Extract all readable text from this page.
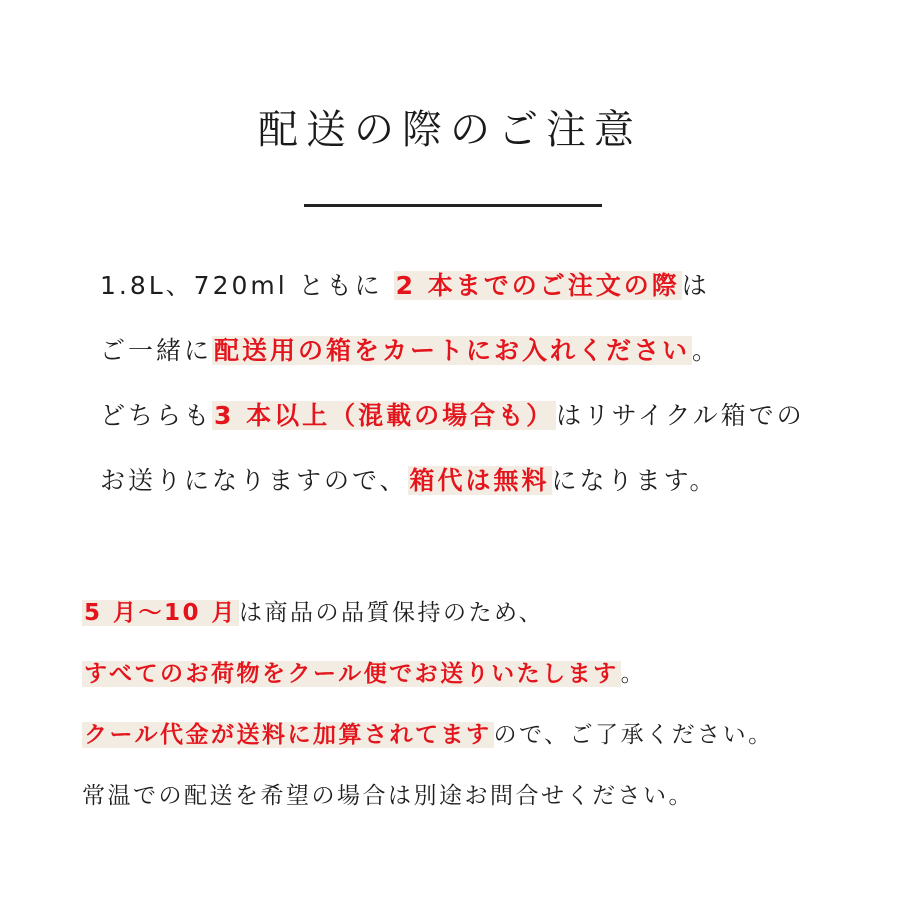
配送の際のご注意
1.8L、720ml ともに 2 本までのご注文の際は
ご一緒に配送用の箱をカートにお入れください。
どちらも3 本以上（混載の場合も）はリサイクル箱での
お送りになりますので、箱代は無料になります。
5 月～10 月は商品の品質保持のため、
すべてのお荷物をクール便でお送りいたします。
クール代金が送料に加算されてますので、ご了承ください。
常温での配送を希望の場合は別途お問合せください。
